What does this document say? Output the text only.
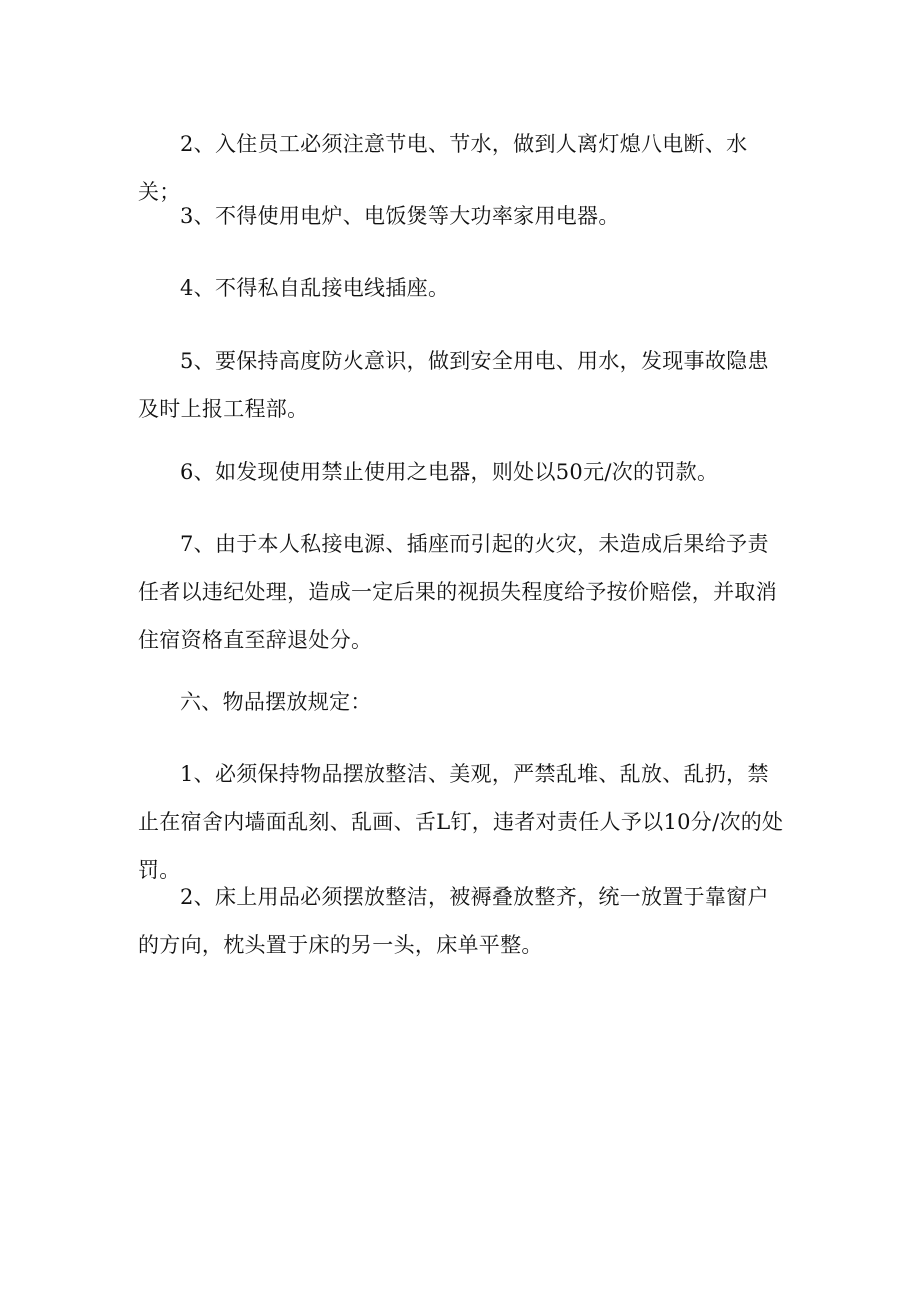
2、入住员工必须注意节电、节水，做到人离灯熄八电断、水关；

3、不得使用电炉、电饭煲等大功率家用电器。

4、不得私自乱接电线插座。

5、要保持高度防火意识，做到安全用电、用水，发现事故隐患及时上报工程部。

6、如发现使用禁止使用之电器，则处以50元/次的罚款。

7、由于本人私接电源、插座而引起的火灾，未造成后果给予责任者以违纪处理，造成一定后果的视损失程度给予按价赔偿，并取消住宿资格直至辞退处分。

六、物品摆放规定：

1、必须保持物品摆放整洁、美观，严禁乱堆、乱放、乱扔，禁止在宿舍内墙面乱刻、乱画、舌L钉，违者对责任人予以10分/次的处罚。

2、床上用品必须摆放整洁，被褥叠放整齐，统一放置于靠窗户的方向，枕头置于床的另一头，床单平整。
